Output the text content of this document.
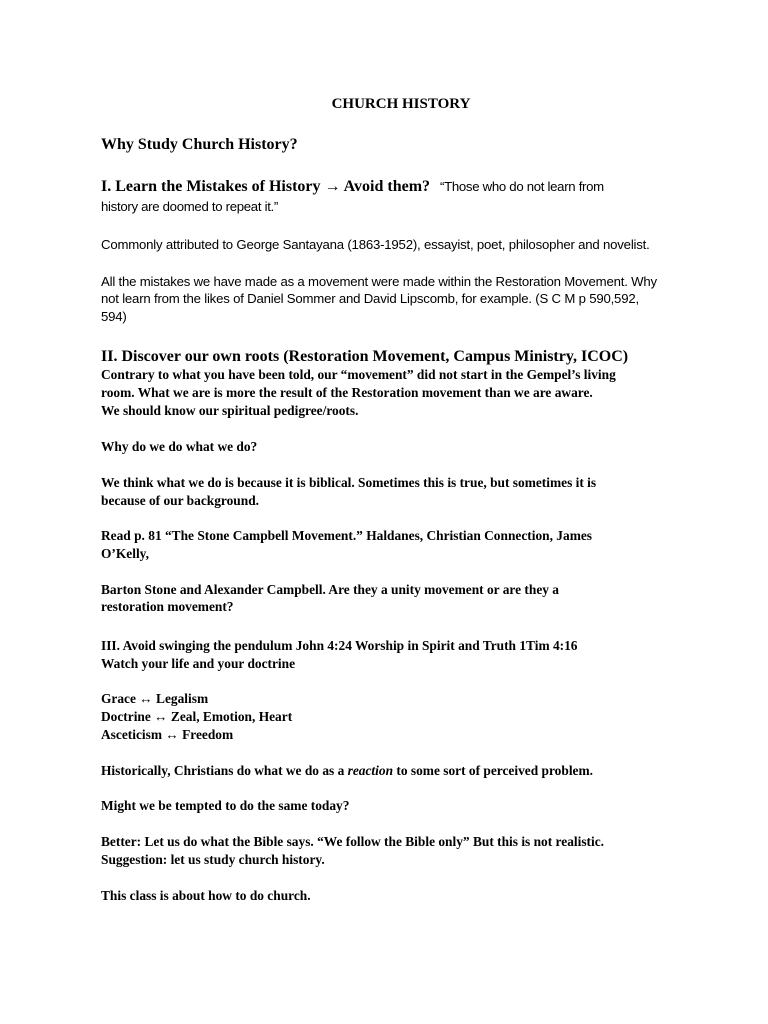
CHURCH HISTORY
Why Study Church History?
I. Learn the Mistakes of History → Avoid them? “Those who do not learn from
history are doomed to repeat it.”
Commonly attributed to George Santayana (1863-1952), essayist, poet, philosopher and novelist.
All the mistakes we have made as a movement were made within the Restoration Movement. Why
not learn from the likes of Daniel Sommer and David Lipscomb, for example. (S C M p 590,592,
594)
II. Discover our own roots (Restoration Movement, Campus Ministry, ICOC)
Contrary to what you have been told, our “movement” did not start in the Gempel’s living
room. What we are is more the result of the Restoration movement than we are aware.
We should know our spiritual pedigree/roots.
Why do we do what we do?
We think what we do is because it is biblical. Sometimes this is true, but sometimes it is
because of our background.
Read p. 81 “The Stone Campbell Movement.” Haldanes, Christian Connection, James
O’Kelly,
Barton Stone and Alexander Campbell. Are they a unity movement or are they a
restoration movement?
III. Avoid swinging the pendulum John 4:24 Worship in Spirit and Truth 1Tim 4:16
Watch your life and your doctrine
Grace ↔ Legalism
Doctrine ↔ Zeal, Emotion, Heart
Asceticism ↔ Freedom
Historically, Christians do what we do as a reaction to some sort of perceived problem.
Might we be tempted to do the same today?
Better: Let us do what the Bible says. “We follow the Bible only” But this is not realistic.
Suggestion: let us study church history.
This class is about how to do church.
